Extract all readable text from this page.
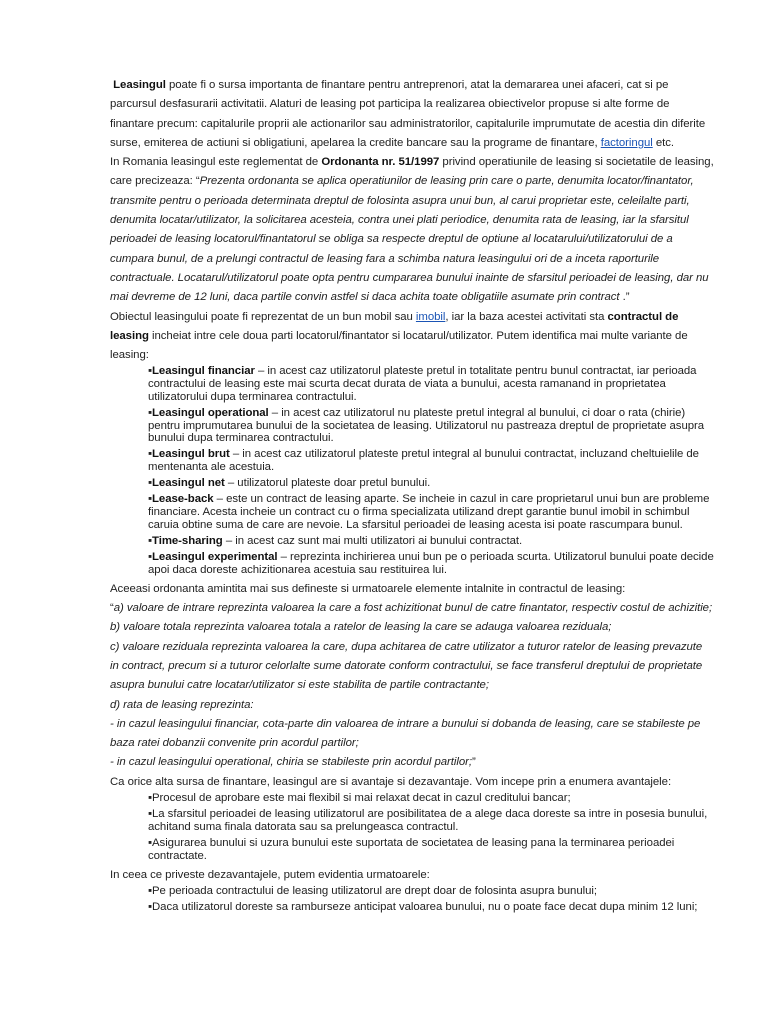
Leasingul poate fi o sursa importanta de finantare pentru antreprenori, atat la demararea unei afaceri, cat si pe parcursul desfasurarii activitatii. Alaturi de leasing pot participa la realizarea obiectivelor propuse si alte forme de finantare precum: capitalurile proprii ale actionarilor sau administratorilor, capitalurile imprumutate de acestia din diferite surse, emiterea de actiuni si obligatiuni, apelarea la credite bancare sau la programe de finantare, factoringul etc.

In Romania leasingul este reglementat de Ordonanta nr. 51/1997 privind operatiunile de leasing si societatile de leasing, care precizeaza: “Prezenta ordonanta se aplica operatiunilor de leasing prin care o parte, denumita locator/finantator, transmite pentru o perioada determinata dreptul de folosinta asupra unui bun, al carui proprietar este, celeilalte parti, denumita locatar/utilizator, la solicitarea acesteia, contra unei plati periodice, denumita rata de leasing, iar la sfarsitul perioadei de leasing locatorul/finantatorul se obliga sa respecte dreptul de optiune al locatarului/utilizatorului de a cumpara bunul, de a prelungi contractul de leasing fara a schimba natura leasingului ori de a inceta raporturile contractuale. Locatarul/utilizatorul poate opta pentru cumpararea bunului inainte de sfarsitul perioadei de leasing, dar nu mai devreme de 12 luni, daca partile convin astfel si daca achita toate obligatiile asumate prin contract .”

Obiectul leasingului poate fi reprezentat de un bun mobil sau imobil, iar la baza acestei activitati sta contractul de leasing incheiat intre cele doua parti locatorul/finantator si locatarul/utilizator. Putem identifica mai multe variante de leasing:

▪Leasingul financiar – in acest caz utilizatorul plateste pretul in totalitate pentru bunul contractat, iar perioada contractului de leasing este mai scurta decat durata de viata a bunului, acesta ramanand in proprietatea utilizatorului dupa terminarea contractului.
▪Leasingul operational – in acest caz utilizatorul nu plateste pretul integral al bunului, ci doar o rata (chirie) pentru imprumutarea bunului de la societatea de leasing. Utilizatorul nu pastreaza dreptul de proprietate asupra bunului dupa terminarea contractului.
▪Leasingul brut – in acest caz utilizatorul plateste pretul integral al bunului contractat, incluzand cheltuielile de mentenanta ale acestuia.
▪Leasingul net – utilizatorul plateste doar pretul bunului.
▪Lease-back – este un contract de leasing aparte. Se incheie in cazul in care proprietarul unui bun are probleme financiare. Acesta incheie un contract cu o firma specializata utilizand drept garantie bunul imobil in schimbul caruia obtine suma de care are nevoie. La sfarsitul perioadei de leasing acesta isi poate rascumpara bunul.
▪Time-sharing – in acest caz sunt mai multi utilizatori ai bunului contractat.
▪Leasingul experimental – reprezinta inchirierea unui bun pe o perioada scurta. Utilizatorul bunului poate decide apoi daca doreste achizitionarea acestuia sau restituirea lui.

Aceeasi ordonanta amintita mai sus defineste si urmatoarele elemente intalnite in contractul de leasing:

“a) valoare de intrare reprezinta valoarea la care a fost achizitionat bunul de catre finantator, respectiv costul de achizitie;

b) valoare totala reprezinta valoarea totala a ratelor de leasing la care se adauga valoarea reziduala;

c) valoare reziduala reprezinta valoarea la care, dupa achitarea de catre utilizator a tuturor ratelor de leasing prevazute in contract, precum si a tuturor celorlalte sume datorate conform contractului, se face transferul dreptului de proprietate asupra bunului catre locatar/utilizator si este stabilita de partile contractante;

d) rata de leasing reprezinta:

- in cazul leasingului financiar, cota-parte din valoarea de intrare a bunului si dobanda de leasing, care se stabileste pe baza ratei dobanzii convenite prin acordul partilor;

- in cazul leasingului operational, chiria se stabileste prin acordul partilor;”

Ca orice alta sursa de finantare, leasingul are si avantaje si dezavantaje. Vom incepe prin a enumera avantajele:

▪Procesul de aprobare este mai flexibil si mai relaxat decat in cazul creditului bancar;
▪La sfarsitul perioadei de leasing utilizatorul are posibilitatea de a alege daca doreste sa intre in posesia bunului, achitand suma finala datorata sau sa prelungeasca contractul.
▪Asigurarea bunului si uzura bunului este suportata de societatea de leasing pana la terminarea perioadei contractate.

In ceea ce priveste dezavantajele, putem evidentia urmatoarele:

▪Pe perioada contractului de leasing utilizatorul are drept doar de folosinta asupra bunului;
▪Daca utilizatorul doreste sa ramburseze anticipat valoarea bunului, nu o poate face decat dupa minim 12 luni;
